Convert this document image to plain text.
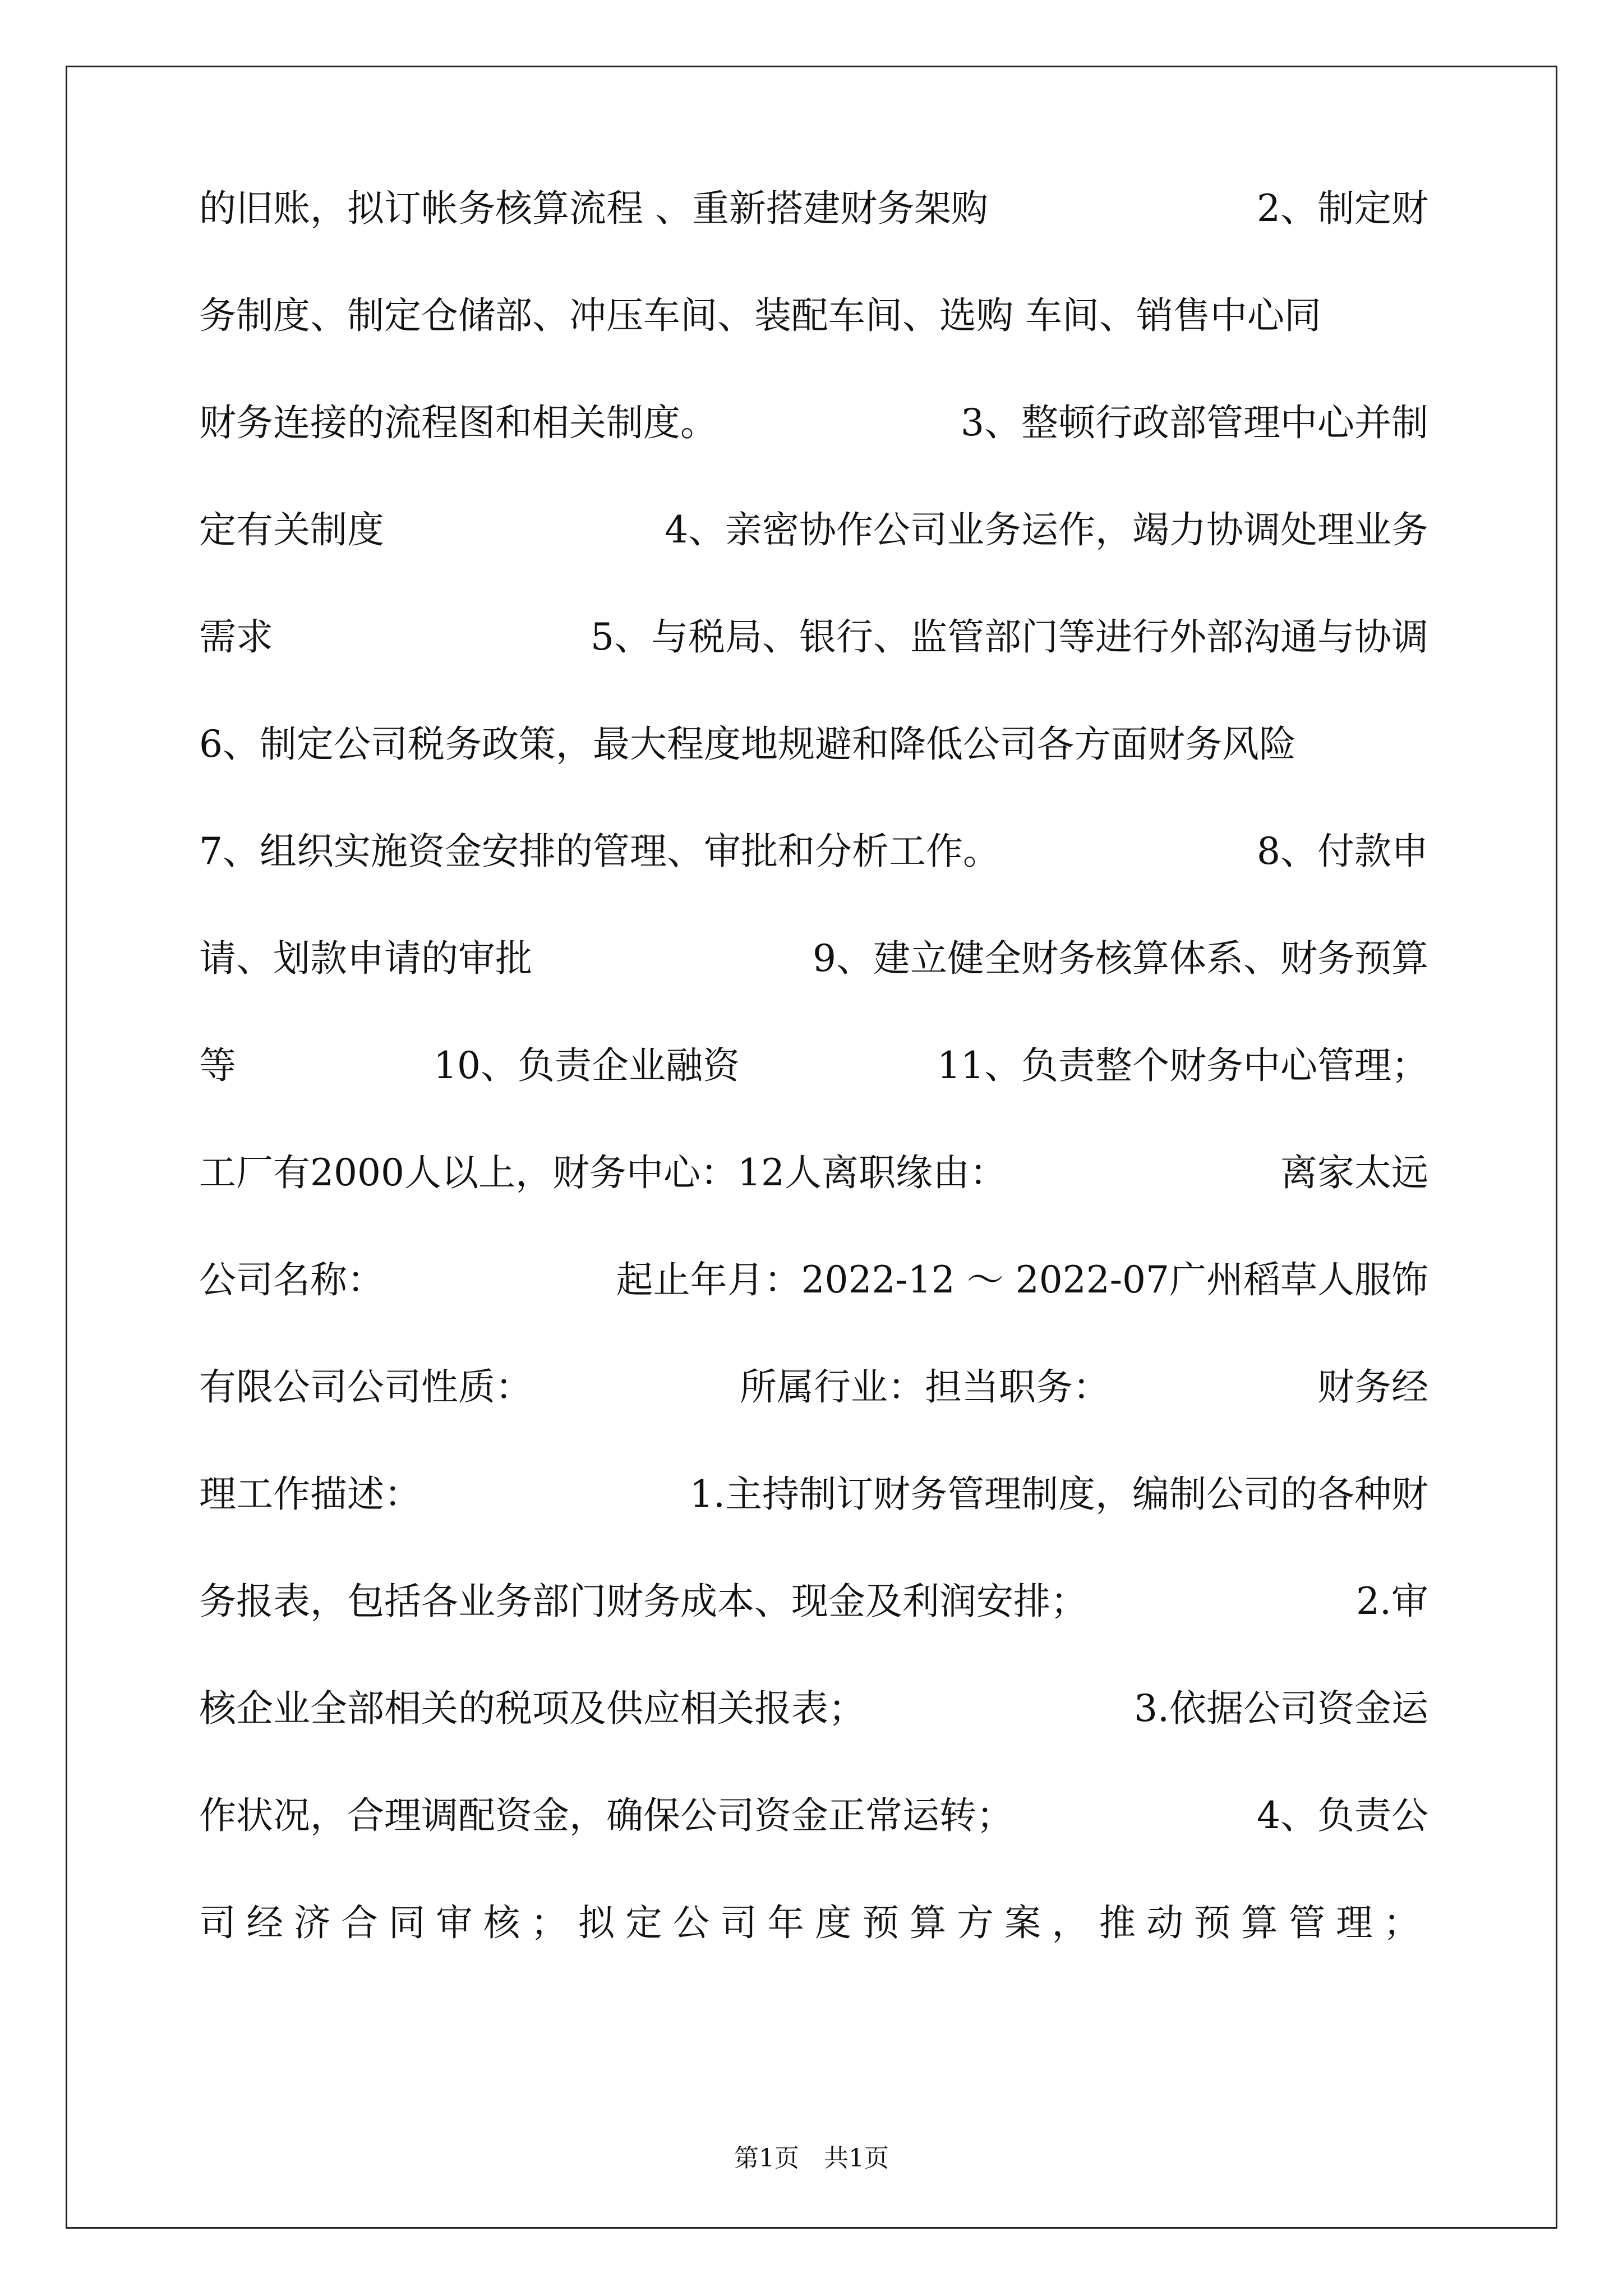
的旧账，拟订帐务核算流程 、重新搭建财务架购	2、制定财
务制度、制定仓储部、冲压车间、装配车间、选购 车间、销售中心同
财务连接的流程图和相关制度。	3、整顿行政部管理中心并制
定有关制度	4、亲密协作公司业务运作，竭力协调处理业务
需求	5、与税局、银行、监管部门等进行外部沟通与协调
6、制定公司税务政策，最大程度地规避和降低公司各方面财务风险
7、组织实施资金安排的管理、审批和分析工作。	8、付款申
请、划款申请的审批	9、建立健全财务核算体系、财务预算
等	10、负责企业融资	11、负责整个财务中心管理；
工厂有2000人以上，财务中心：12人离职缘由：	离家太远
公司名称：	起止年月：2022-12 ～ 2022-07广州稻草人服饰
有限公司公司性质：	所属行业：担当职务：	财务经
理工作描述：	1.主持制订财务管理制度，编制公司的各种财
务报表，包括各业务部门财务成本、现金及利润安排；	2.审
核企业全部相关的税项及供应相关报表；	3.依据公司资金运
作状况，合理调配资金，确保公司资金正常运转；	4、负责公
司经济合同审核；拟定公司年度预算方案，推动预算管理；
第1页　共1页
